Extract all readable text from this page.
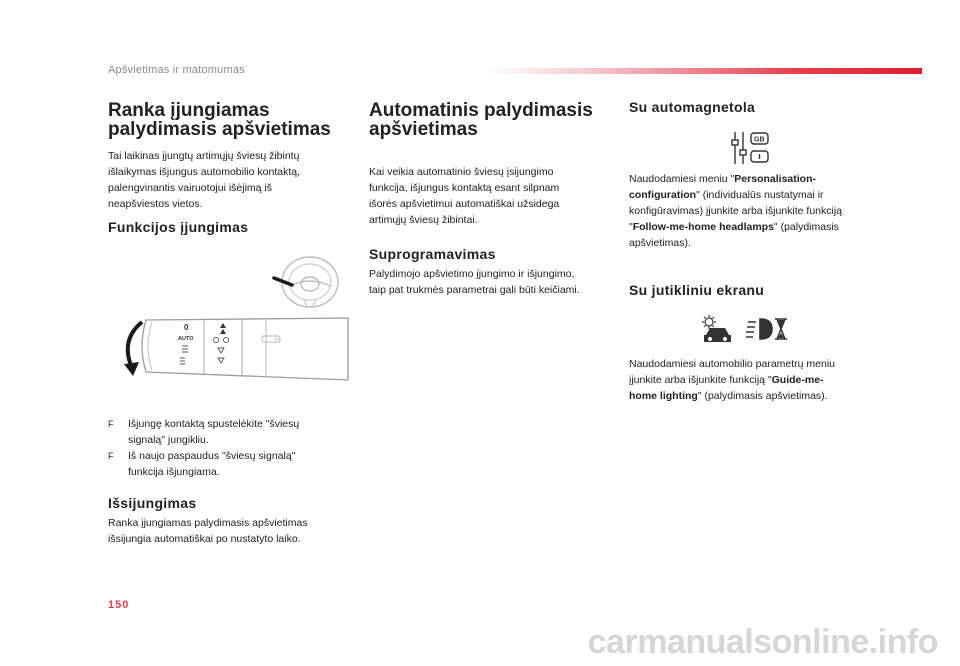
Apšvietimas ir matomumas
Ranka įjungiamas
palydimasis apšvietimas
Tai laikinas įjungtų artimųjų šviesų žibintų
išlaikymas išjungus automobilio kontaktą,
palengvinantis vairuotojui išėjimą iš
neapšviestos vietos.
Funkcijos įjungimas
0
AUTO
F	Išjungę kontaktą spustelėkite "šviesų
signalą" jungikliu.
F	Iš naujo paspaudus "šviesų signalą"
funkcija išjungiama.
Išsijungimas
Ranka įjungiamas palydimasis apšvietimas
išsijungia automatiškai po nustatyto laiko.
Automatinis palydimasis
apšvietimas
Kai veikia automatinio šviesų įsijungimo
funkcija, išjungus kontaktą esant silpnam
išorės apšvietimui automatiškai užsidega
artimųjų šviesų žibintai.
Suprogramavimas
Palydimojo apšvietimo įjungimo ir išjungimo,
taip pat trukmės parametrai gali būti keičiami.
Su automagnetola
GB
Naudodamiesi meniu "Personalisation-
configuration" (individualūs nustatymai ir
konfigūravimas) įjunkite arba išjunkite funkciją
"Follow-me-home headlamps" (palydimasis
apšvietimas).
Su jutikliniu ekranu
Naudodamiesi automobilio parametrų meniu
įjunkite arba išjunkite funkciją "Guide-me-
home lighting" (palydimasis apšvietimas).
150
carmanualsonline.info
